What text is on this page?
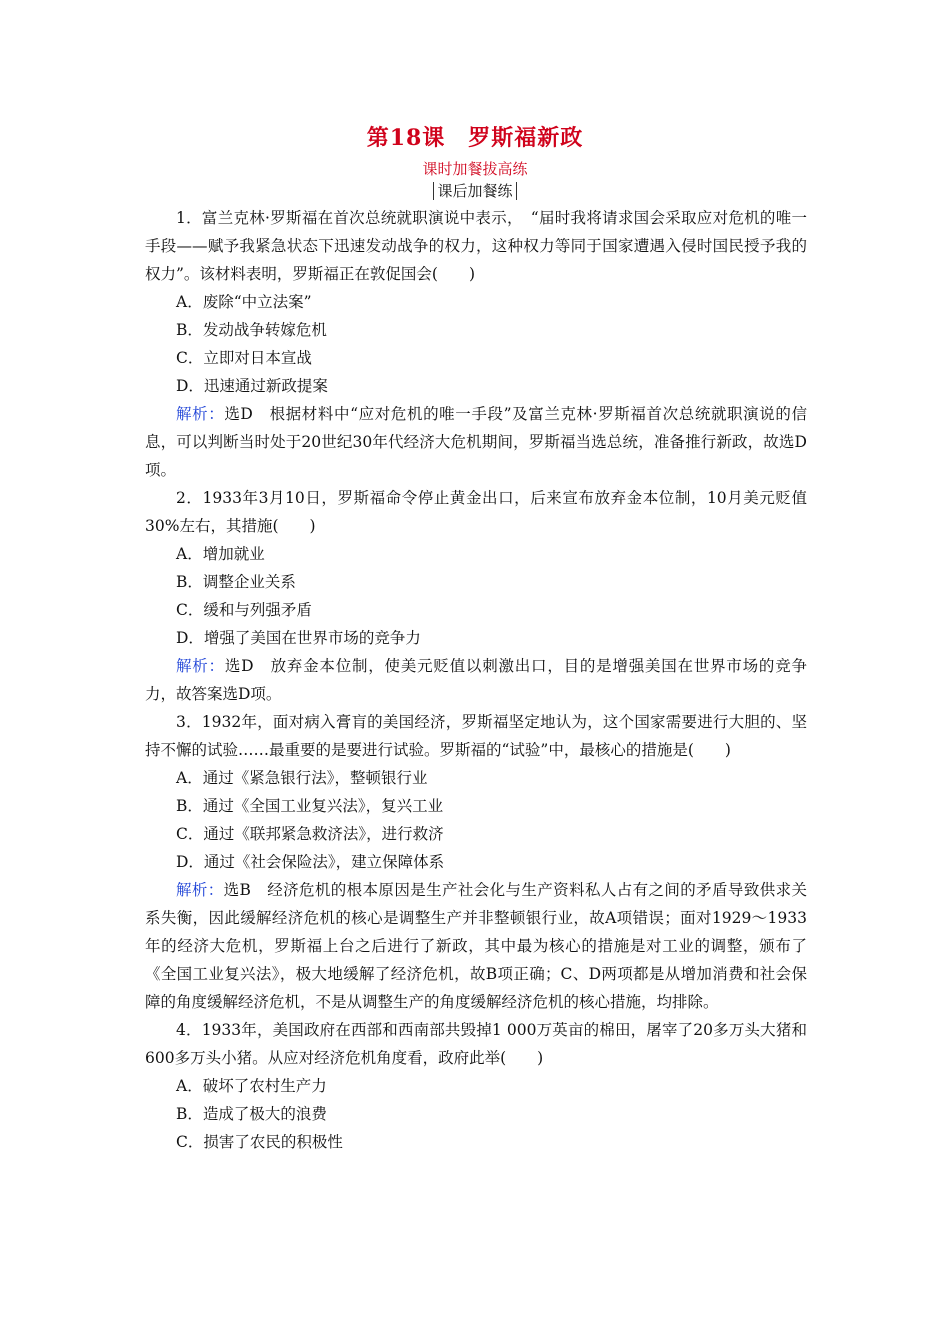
第18课　罗斯福新政
课时加餐拔高练
课后加餐练

1．富兰克林·罗斯福在首次总统就职演说中表示，　“届时我将请求国会采取应对危机的唯一手段——赋予我紧急状态下迅速发动战争的权力，这种权力等同于国家遭遇入侵时国民授予我的权力”。该材料表明，罗斯福正在敦促国会(　　)

A．废除“中立法案”

B．发动战争转嫁危机

C．立即对日本宣战

D．迅速通过新政提案

解析：选D　根据材料中“应对危机的唯一手段”及富兰克林·罗斯福首次总统就职演说的信息，可以判断当时处于20世纪30年代经济大危机期间，罗斯福当选总统，准备推行新政，故选D项。

2．1933年3月10日，罗斯福命令停止黄金出口，后来宣布放弃金本位制，10月美元贬值30%左右，其措施(　　)

A．增加就业

B．调整企业关系

C．缓和与列强矛盾

D．增强了美国在世界市场的竞争力

解析：选D　放弃金本位制，使美元贬值以刺激出口，目的是增强美国在世界市场的竞争力，故答案选D项。

3．1932年，面对病入膏肓的美国经济，罗斯福坚定地认为，这个国家需要进行大胆的、坚持不懈的试验……最重要的是要进行试验。罗斯福的“试验”中，最核心的措施是(　　)

A．通过《紧急银行法》，整顿银行业

B．通过《全国工业复兴法》，复兴工业

C．通过《联邦紧急救济法》，进行救济

D．通过《社会保险法》，建立保障体系

解析：选B　经济危机的根本原因是生产社会化与生产资料私人占有之间的矛盾导致供求关系失衡，因此缓解经济危机的核心是调整生产并非整顿银行业，故A项错误；面对1929～1933年的经济大危机，罗斯福上台之后进行了新政，其中最为核心的措施是对工业的调整，颁布了《全国工业复兴法》，极大地缓解了经济危机，故B项正确；C、D两项都是从增加消费和社会保障的角度缓解经济危机，不是从调整生产的角度缓解经济危机的核心措施，均排除。

4．1933年，美国政府在西部和西南部共毁掉1 000万英亩的棉田，屠宰了20多万头大猪和600多万头小猪。从应对经济危机角度看，政府此举(　　)

A．破坏了农村生产力

B．造成了极大的浪费

C．损害了农民的积极性
